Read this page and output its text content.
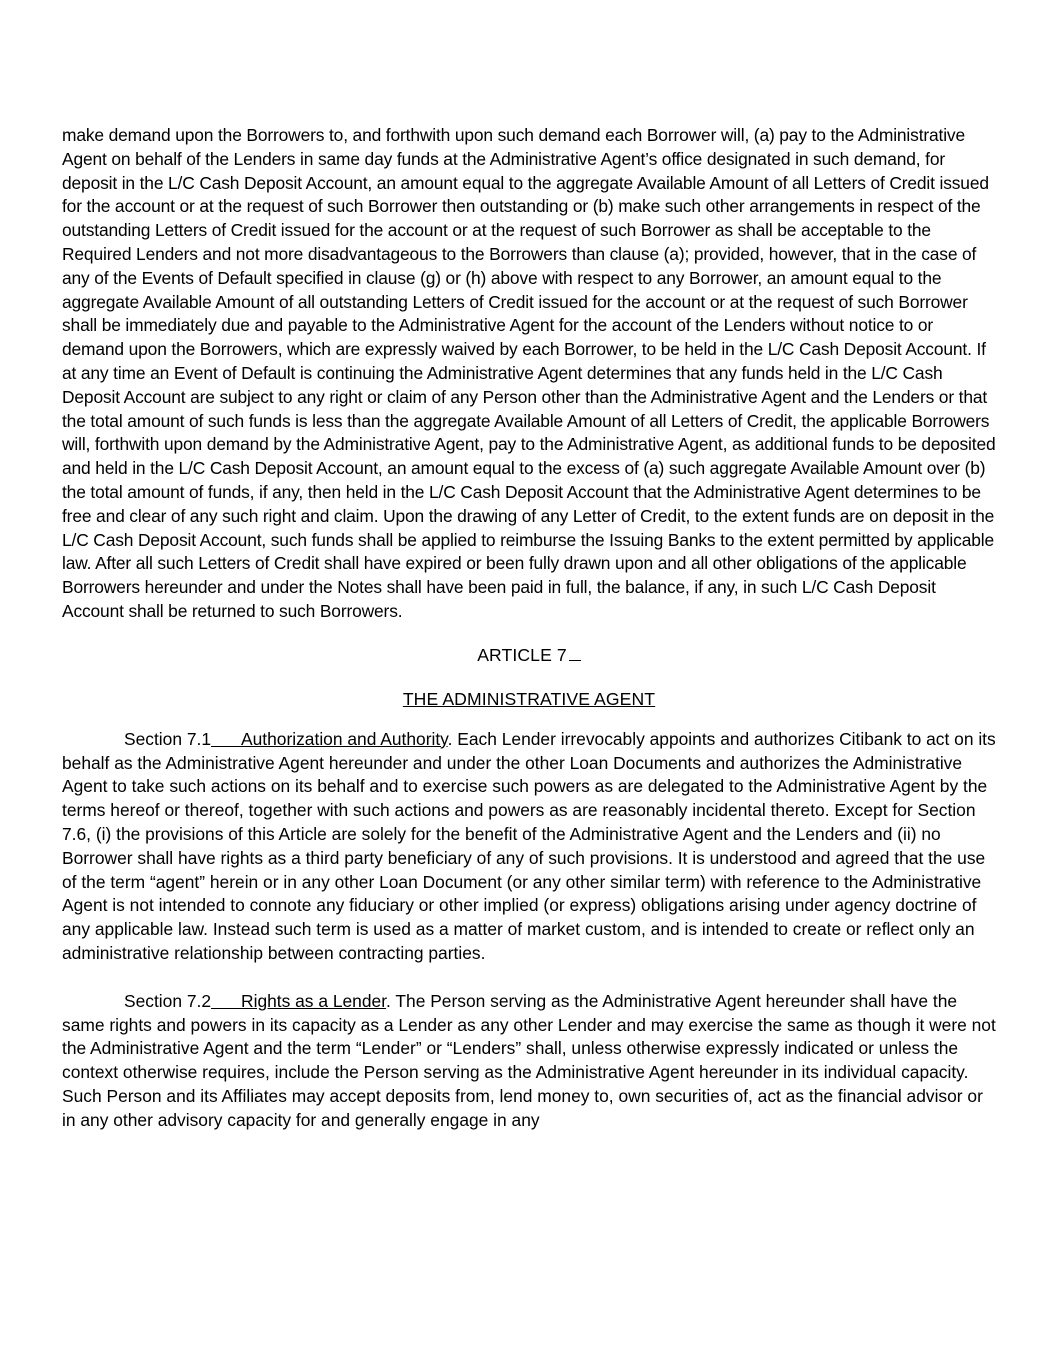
make demand upon the Borrowers to, and forthwith upon such demand each Borrower will, (a) pay to the Administrative Agent on behalf of the Lenders in same day funds at the Administrative Agent’s office designated in such demand, for deposit in the L/C Cash Deposit Account, an amount equal to the aggregate Available Amount of all Letters of Credit issued for the account or at the request of such Borrower then outstanding or (b) make such other arrangements in respect of the outstanding Letters of Credit issued for the account or at the request of such Borrower as shall be acceptable to the Required Lenders and not more disadvantageous to the Borrowers than clause (a); provided, however, that in the case of any of the Events of Default specified in clause (g) or (h) above with respect to any Borrower, an amount equal to the aggregate Available Amount of all outstanding Letters of Credit issued for the account or at the request of such Borrower shall be immediately due and payable to the Administrative Agent for the account of the Lenders without notice to or demand upon the Borrowers, which are expressly waived by each Borrower, to be held in the L/C Cash Deposit Account. If at any time an Event of Default is continuing the Administrative Agent determines that any funds held in the L/C Cash Deposit Account are subject to any right or claim of any Person other than the Administrative Agent and the Lenders or that the total amount of such funds is less than the aggregate Available Amount of all Letters of Credit, the applicable Borrowers will, forthwith upon demand by the Administrative Agent, pay to the Administrative Agent, as additional funds to be deposited and held in the L/C Cash Deposit Account, an amount equal to the excess of (a) such aggregate Available Amount over (b) the total amount of funds, if any, then held in the L/C Cash Deposit Account that the Administrative Agent determines to be free and clear of any such right and claim. Upon the drawing of any Letter of Credit, to the extent funds are on deposit in the L/C Cash Deposit Account, such funds shall be applied to reimburse the Issuing Banks to the extent permitted by applicable law. After all such Letters of Credit shall have expired or been fully drawn upon and all other obligations of the applicable Borrowers hereunder and under the Notes shall have been paid in full, the balance, if any, in such L/C Cash Deposit Account shall be returned to such Borrowers.

ARTICLE 7
THE ADMINISTRATIVE AGENT

Section 7.1 Authorization and Authority. Each Lender irrevocably appoints and authorizes Citibank to act on its behalf as the Administrative Agent hereunder and under the other Loan Documents and authorizes the Administrative Agent to take such actions on its behalf and to exercise such powers as are delegated to the Administrative Agent by the terms hereof or thereof, together with such actions and powers as are reasonably incidental thereto. Except for Section 7.6, (i) the provisions of this Article are solely for the benefit of the Administrative Agent and the Lenders and (ii) no Borrower shall have rights as a third party beneficiary of any of such provisions. It is understood and agreed that the use of the term “agent” herein or in any other Loan Document (or any other similar term) with reference to the Administrative Agent is not intended to connote any fiduciary or other implied (or express) obligations arising under agency doctrine of any applicable law. Instead such term is used as a matter of market custom, and is intended to create or reflect only an administrative relationship between contracting parties.

Section 7.2 Rights as a Lender. The Person serving as the Administrative Agent hereunder shall have the same rights and powers in its capacity as a Lender as any other Lender and may exercise the same as though it were not the Administrative Agent and the term “Lender” or “Lenders” shall, unless otherwise expressly indicated or unless the context otherwise requires, include the Person serving as the Administrative Agent hereunder in its individual capacity. Such Person and its Affiliates may accept deposits from, lend money to, own securities of, act as the financial advisor or in any other advisory capacity for and generally engage in any
